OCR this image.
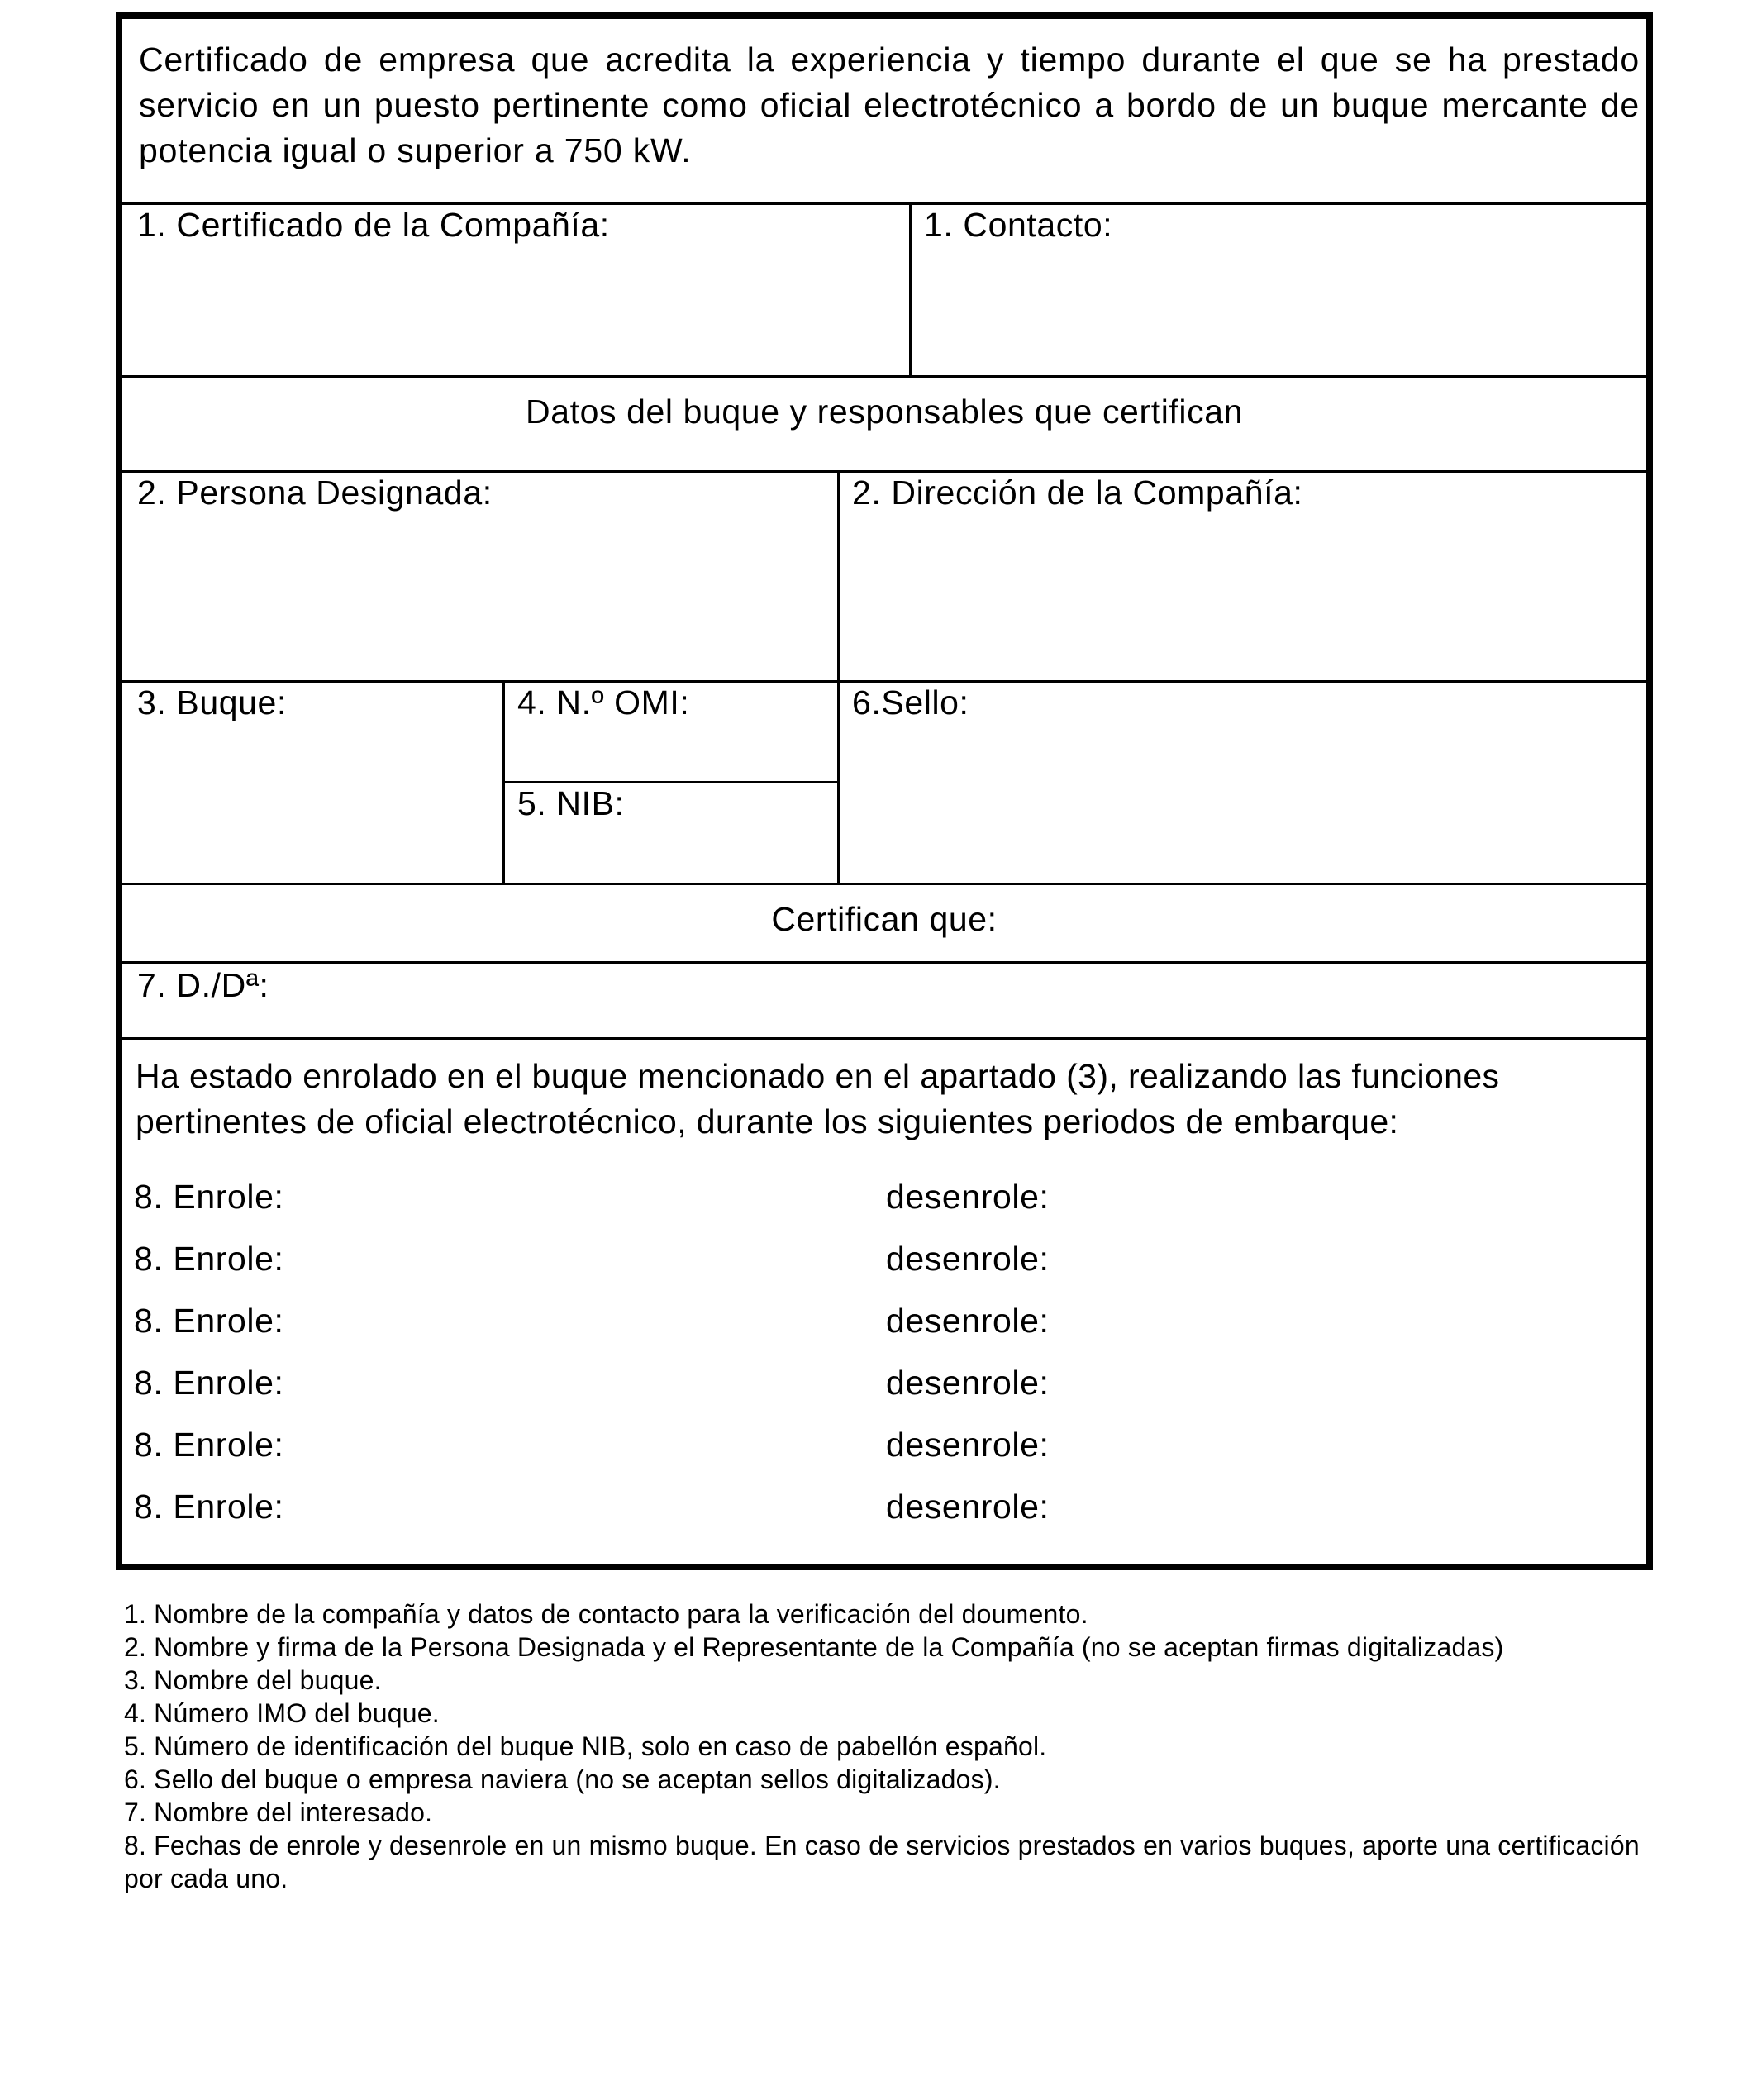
Certificado de empresa que acredita la experiencia y tiempo durante el que se ha prestado servicio en un puesto pertinente como oficial electrotécnico a bordo de un buque mercante de potencia igual o superior a 750 kW.
1. Certificado de la Compañía:	1. Contacto:
Datos del buque y responsables que certifican
2. Persona Designada:	2. Dirección de la Compañía:
3. Buque:	4. N.º OMI:
5. NIB:
6.Sello:
Certifican que:
7. D./Dª:
Ha estado enrolado en el buque mencionado en el apartado (3), realizando las funciones pertinentes de oficial electrotécnico, durante los siguientes periodos de embarque:
8. Enrole:	desenrole:
8. Enrole:	desenrole:
8. Enrole:	desenrole:
8. Enrole:	desenrole:
8. Enrole:	desenrole:
8. Enrole:	desenrole:
1. Nombre de la compañía y datos de contacto para la verificación del doumento.
2. Nombre y firma de la Persona Designada y el Representante de la Compañía (no se aceptan firmas digitalizadas)
3. Nombre del buque.
4. Número IMO del buque.
5. Número de identificación del buque NIB, solo en caso de pabellón español.
6. Sello del buque o empresa naviera (no se aceptan sellos digitalizados).
7. Nombre del interesado.
8. Fechas de enrole y desenrole en un mismo buque. En caso de servicios prestados en varios buques, aporte una certificación por cada uno.
